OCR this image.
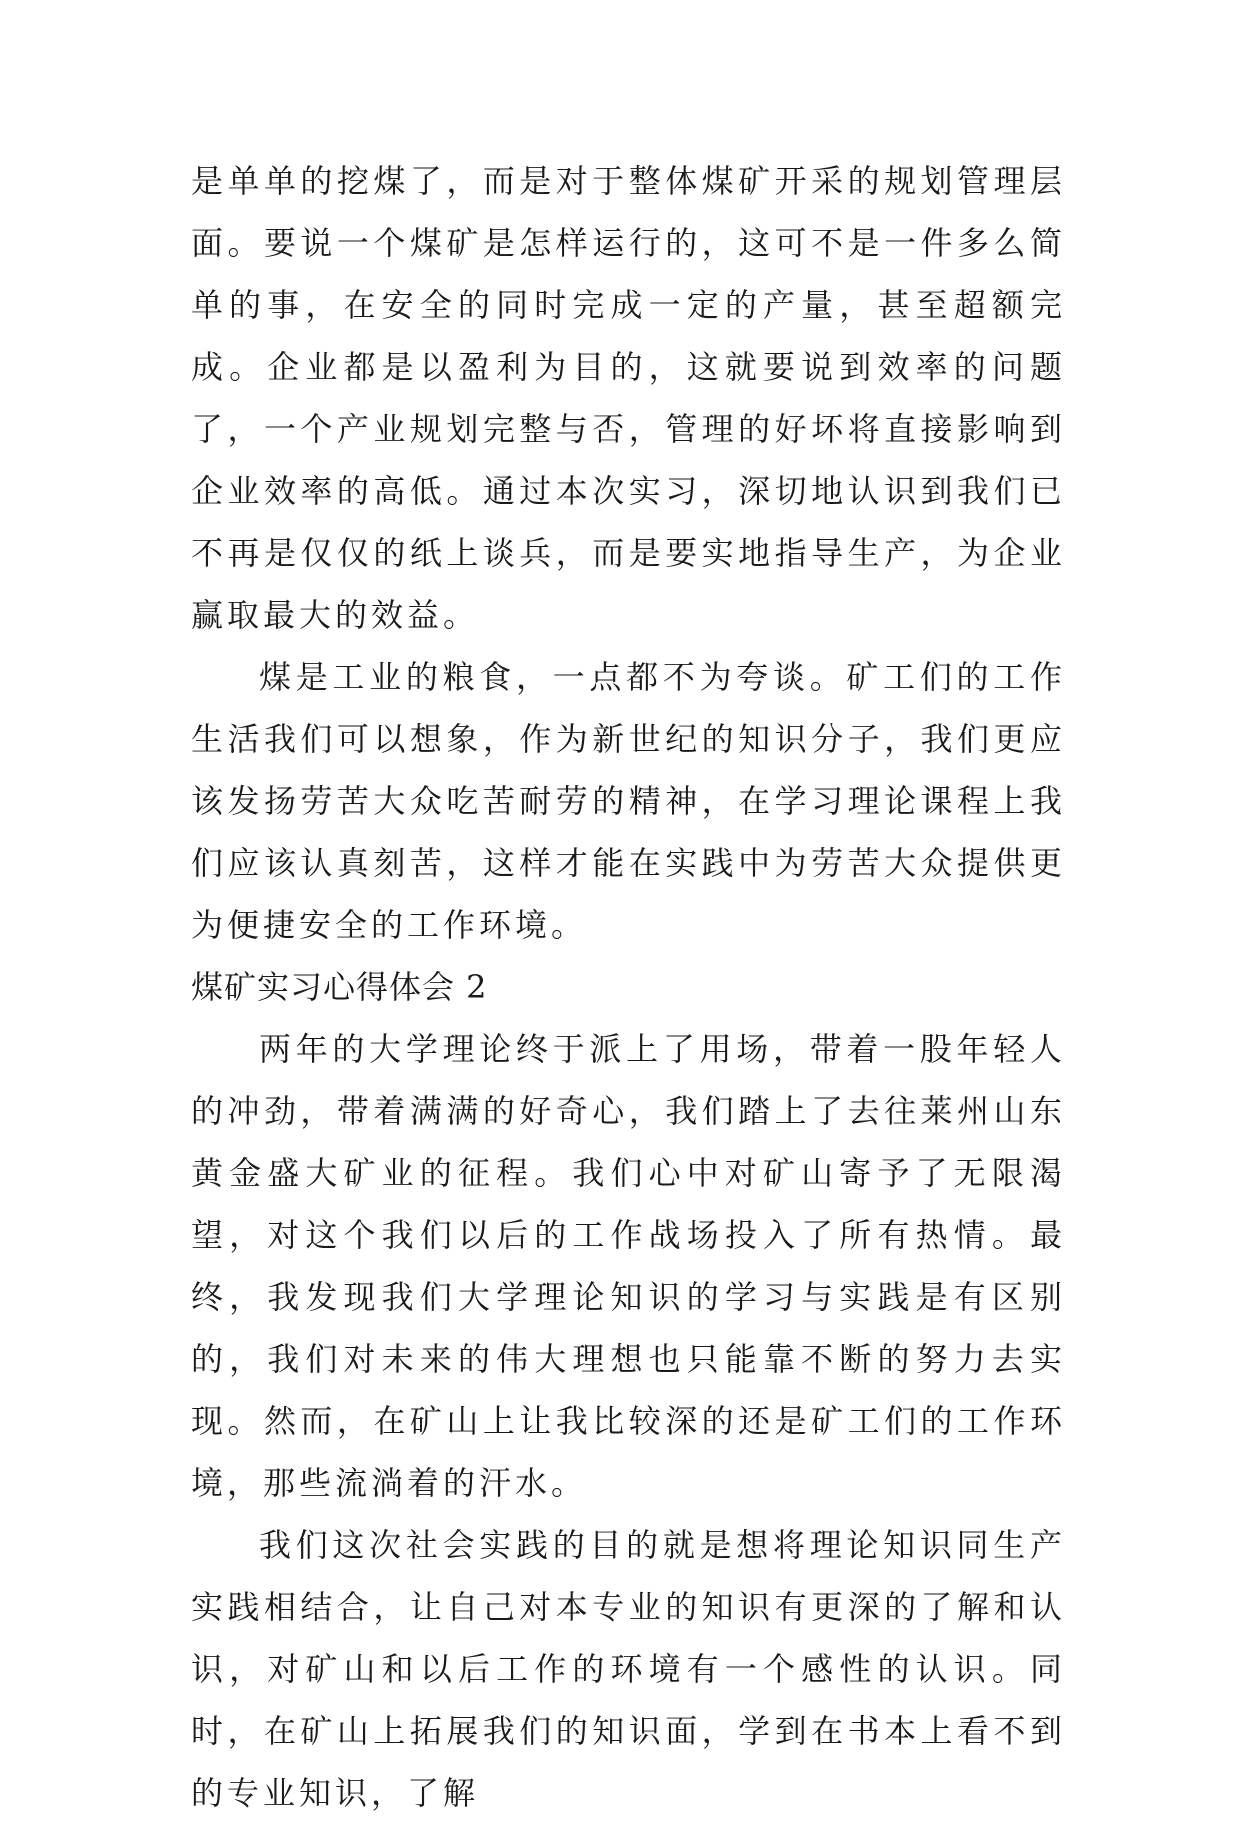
是单单的挖煤了，而是对于整体煤矿开采的规划管理层面。要说一个煤矿是怎样运行的，这可不是一件多么简单的事，在安全的同时完成一定的产量，甚至超额完成。企业都是以盈利为目的，这就要说到效率的问题了，一个产业规划完整与否，管理的好坏将直接影响到企业效率的高低。通过本次实习，深切地认识到我们已不再是仅仅的纸上谈兵，而是要实地指导生产，为企业赢取最大的效益。

煤是工业的粮食，一点都不为夸谈。矿工们的工作生活我们可以想象，作为新世纪的知识分子，我们更应该发扬劳苦大众吃苦耐劳的精神，在学习理论课程上我们应该认真刻苦，这样才能在实践中为劳苦大众提供更为便捷安全的工作环境。

煤矿实习心得体会 2

两年的大学理论终于派上了用场，带着一股年轻人的冲劲，带着满满的好奇心，我们踏上了去往莱州山东黄金盛大矿业的征程。我们心中对矿山寄予了无限渴望，对这个我们以后的工作战场投入了所有热情。最终，我发现我们大学理论知识的学习与实践是有区别的，我们对未来的伟大理想也只能靠不断的努力去实现。然而，在矿山上让我比较深的还是矿工们的工作环境，那些流淌着的汗水。

我们这次社会实践的目的就是想将理论知识同生产实践相结合，让自己对本专业的知识有更深的了解和认识，对矿山和以后工作的环境有一个感性的认识。同时，在矿山上拓展我们的知识面，学到在书本上看不到的专业知识，了解
